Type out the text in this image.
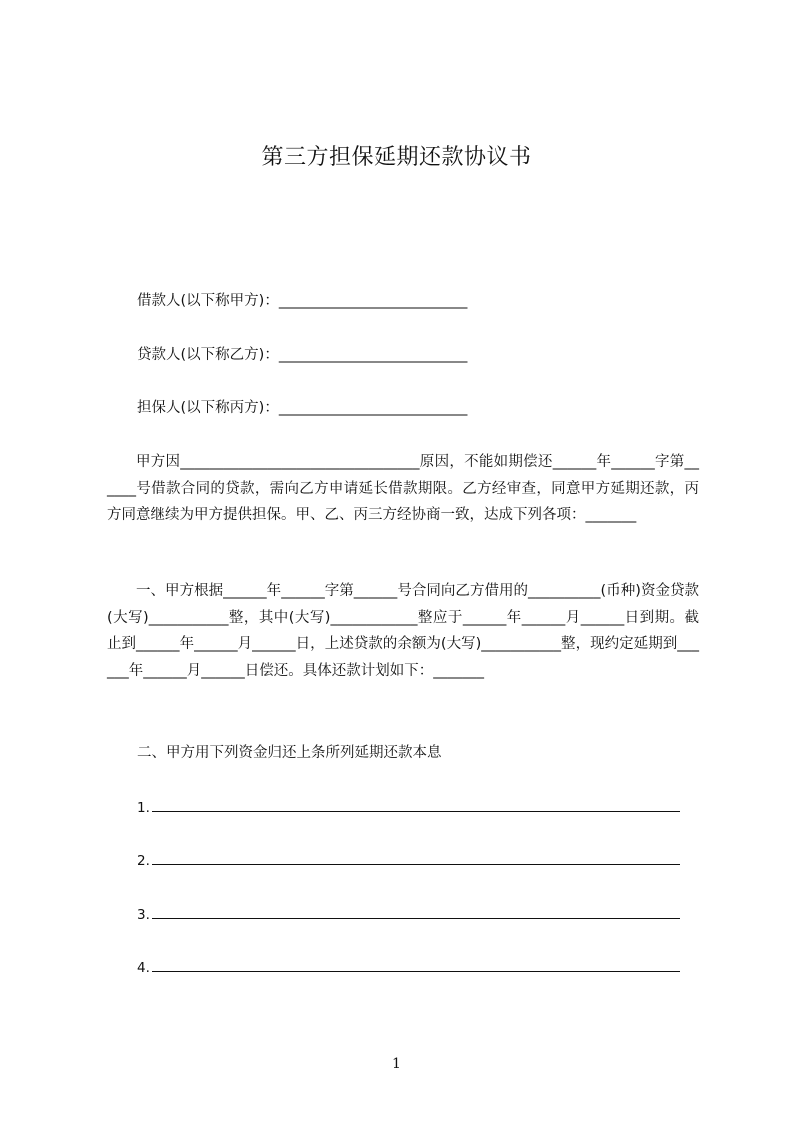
第三方担保延期还款协议书
借款人(以下称甲方)：__________________________
贷款人(以下称乙方)：__________________________
担保人(以下称丙方)：__________________________
甲方因_________________________________原因，不能如期偿还______年______字第______号借款合同的贷款，需向乙方申请延长借款期限。乙方经审查，同意甲方延期还款，丙方同意继续为甲方提供担保。甲、乙、丙三方经协商一致，达成下列各项：_______
一、甲方根据______年______字第______号合同向乙方借用的__________(币种)资金贷款(大写)___________整，其中(大写)____________整应于______年______月______日到期。截止到______年______月______日，上述贷款的余额为(大写)___________整，现约定延期到______年______月______日偿还。具体还款计划如下：_______
二、甲方用下列资金归还上条所列延期还款本息
1.
2.
3.
4.
1
